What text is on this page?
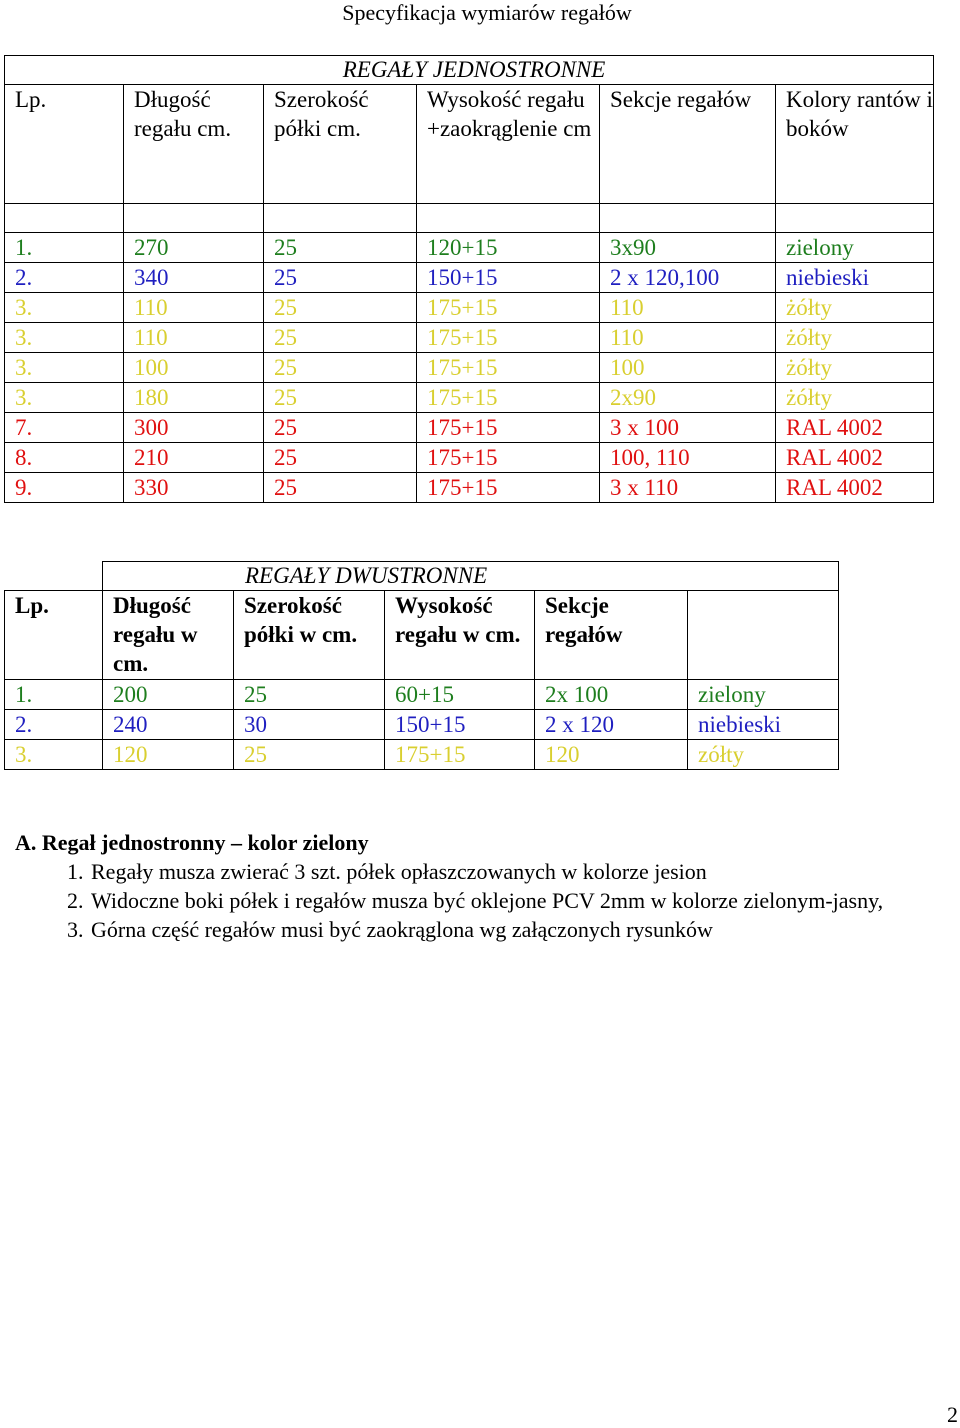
Specyfikacja wymiarów regałów
REGAŁY JEDNOSTRONNE					
Lp.	Długość regału cm.	Szerokość półki cm.	Wysokość regału +zaokrąglenie cm	Sekcje regałów	Kolory rantów i boków

1.	270	25	120+15	3x90	zielony
2.	340	25	150+15	2 x 120,100	niebieski
3.	110	25	175+15	110	żółty
3.	110	25	175+15	110	żółty
3.	100	25	175+15	100	żółty
3.	180	25	175+15	2x90	żółty
7.	300	25	175+15	3 x 100	RAL 4002
8.	210	25	175+15	100, 110	RAL 4002
9.	330	25	175+15	3 x 110	RAL 4002
	REGAŁY DWUSTRONNE				
Lp.	Długość regału w cm.	Szerokość półki w cm.	Wysokość regału w cm.	Sekcje regałów	
1.	200	25	60+15	2x 100	zielony
2.	240	30	150+15	2 x 120	niebieski
3.	120	25	175+15	120	zółty
A. Regał jednostronny – kolor zielony
1. Regały musza zwierać 3 szt. półek opłaszczowanych w kolorze jesion
2. Widoczne boki półek i regałów musza być oklejone PCV 2mm w kolorze zielonym-jasny,
3. Górna część regałów musi być zaokrąglona wg załączonych rysunków
2
